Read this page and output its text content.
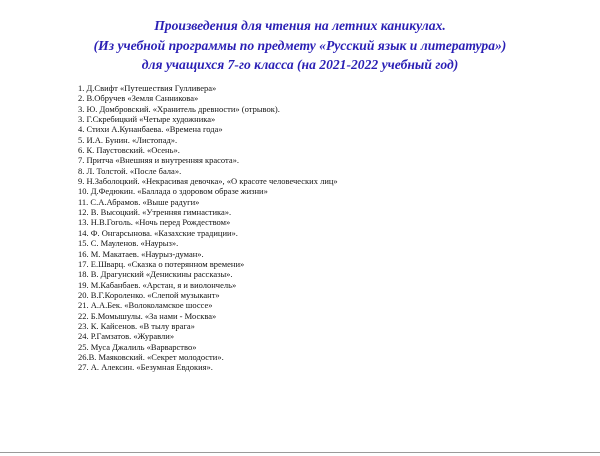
Произведения для чтения на летних каникулах.
(Из учебной программы по предмету «Русский язык и литература»)
для учащихся 7-го класса (на 2021-2022 учебный год)
1. Д.Свифт «Путешествия Гулливера»
2. В.Обручев «Земля Санникова»
3. Ю. Домбровский. «Хранитель древности» (отрывок).
3. Г.Скребицкий «Четыре художника»
4. Стихи А.Кунанбаева. «Времена года»
5. И.А. Бунин. «Листопад».
6. К. Паустовский. «Осень».
7. Притча «Внешняя и внутренняя красота».
8. Л. Толстой. «После бала».
9. Н.Заболоцкий. «Некрасивая девочка», «О красоте человеческих лиц»
10. Д.Федюкин. «Баллада о здоровом образе жизни»
11. С.А.Абрамов. «Выше радуги»
12. В. Высоцкий. «Утренняя гимнастика».
13. Н.В.Гоголь. «Ночь перед Рождеством»
14. Ф. Онгарсынова. «Казахские традиции».
15. С. Мауленов. «Наурыз».
16. М. Макатаев. «Наурыз-думан».
17. Е.Шварц. «Сказка о потерянном времени»
18. В. Драгунский «Денискины рассказы».
19. М.Кабанбаев. «Арстан, я и виолончель»
20. В.Г.Короленко. «Слепой музыкант»
21. А.А.Бек. «Волоколамское шоссе»
22. Б.Момышулы. «За нами - Москва»
23. К. Кайсенов. «В тылу врага»
24. Р.Гамзатов. «Журавли»
25. Муса Джалиль «Варварство»
26.В. Маяковский. «Секрет молодости».
27. А. Алексин. «Безумная Евдокия».
